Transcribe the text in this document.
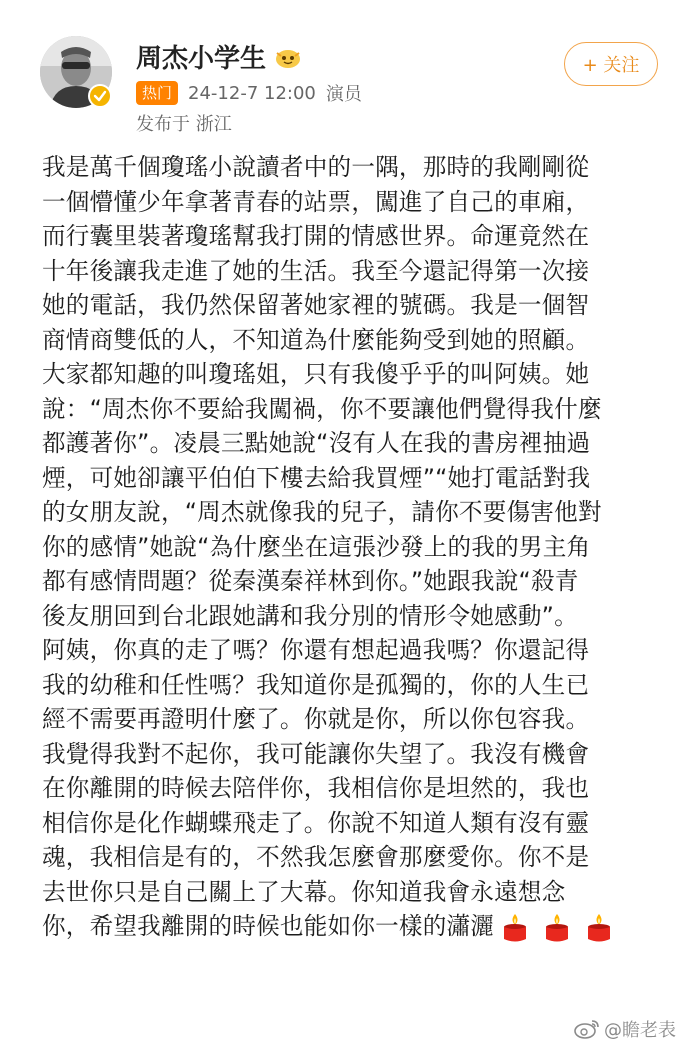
周杰小学生
热门 24-12-7 12:00 演员
发布于 浙江
+ 关注
我是萬千個瓊瑤小說讀者中的一隅，那時的我剛剛從
一個懵懂少年拿著青春的站票，闖進了自己的車廂，
而行囊里裝著瓊瑤幫我打開的情感世界。命運竟然在
十年後讓我走進了她的生活。我至今還記得第一次接
她的電話，我仍然保留著她家裡的號碼。我是一個智
商情商雙低的人，不知道為什麼能夠受到她的照顧。
大家都知趣的叫瓊瑤姐，只有我傻乎乎的叫阿姨。她
說：“周杰你不要給我闖禍，你不要讓他們覺得我什麼
都護著你”。凌晨三點她說“沒有人在我的書房裡抽過
煙，可她卻讓平伯伯下樓去給我買煙”“她打電話對我
的女朋友說，“周杰就像我的兒子，請你不要傷害他對
你的感情”她說“為什麼坐在這張沙發上的我的男主角
都有感情問題？從秦漢秦祥林到你。”她跟我說“殺青
後友朋回到台北跟她講和我分別的情形令她感動”。
阿姨，你真的走了嗎？你還有想起過我嗎？你還記得
我的幼稚和任性嗎？我知道你是孤獨的，你的人生已
經不需要再證明什麼了。你就是你，所以你包容我。
我覺得我對不起你，我可能讓你失望了。我沒有機會
在你離開的時候去陪伴你，我相信你是坦然的，我也
相信你是化作蝴蝶飛走了。你說不知道人類有沒有靈
魂，我相信是有的，不然我怎麼會那麼愛你。你不是
去世你只是自己關上了大幕。你知道我會永遠想念
你，希望我離開的時候也能如你一樣的瀟灑
@瞻老表
